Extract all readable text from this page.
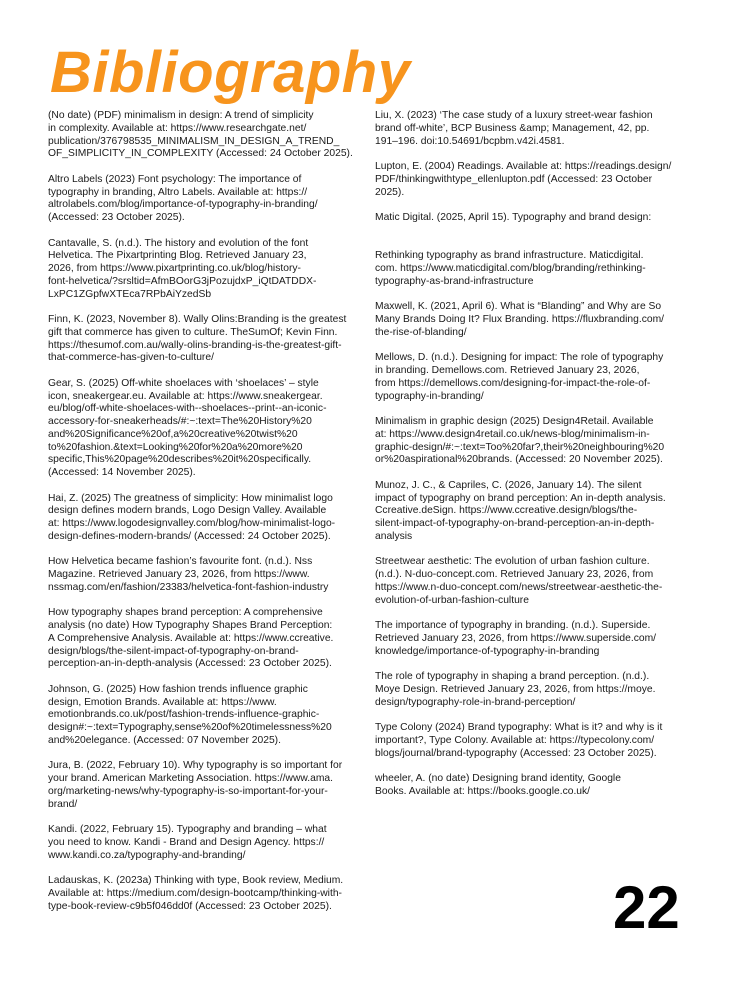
Bibliography

(No date) (PDF) minimalism in design: A trend of simplicity
in complexity. Available at: https://www.researchgate.net/
publication/376798535_MINIMALISM_IN_DESIGN_A_TREND_
OF_SIMPLICITY_IN_COMPLEXITY (Accessed: 24 October 2025).

Altro Labels (2023) Font psychology: The importance of
typography in branding, Altro Labels. Available at: https://
altrolabels.com/blog/importance-of-typography-in-branding/
(Accessed: 23 October 2025).

Cantavalle, S. (n.d.). The history and evolution of the font
Helvetica. The Pixartprinting Blog. Retrieved January 23,
2026, from https://www.pixartprinting.co.uk/blog/history-
font-helvetica/?srsltid=AfmBOorG3jPozujdxP_iQtDATDDX-
LxPC1ZGpfwXTEca7RPbAiYzedSb

Finn, K. (2023, November 8). Wally Olins:Branding is the greatest
gift that commerce has given to culture. TheSumOf; Kevin Finn.
https://thesumof.com.au/wally-olins-branding-is-the-greatest-gift-
that-commerce-has-given-to-culture/

Gear, S. (2025) Off-white shoelaces with ‘shoelaces’ – style
icon, sneakergear.eu. Available at: https://www.sneakergear.
eu/blog/off-white-shoelaces-with--shoelaces--print--an-iconic-
accessory-for-sneakerheads/#:~:text=The%20History%20
and%20Significance%20of,a%20creative%20twist%20
to%20fashion.&text=Looking%20for%20a%20more%20
specific,This%20page%20describes%20it%20specifically.
(Accessed: 14 November 2025).

Hai, Z. (2025) The greatness of simplicity: How minimalist logo
design defines modern brands, Logo Design Valley. Available
at: https://www.logodesignvalley.com/blog/how-minimalist-logo-
design-defines-modern-brands/ (Accessed: 24 October 2025).

How Helvetica became fashion’s favourite font. (n.d.). Nss
Magazine. Retrieved January 23, 2026, from https://www.
nssmag.com/en/fashion/23383/helvetica-font-fashion-industry

How typography shapes brand perception: A comprehensive
analysis (no date) How Typography Shapes Brand Perception:
A Comprehensive Analysis. Available at: https://www.ccreative.
design/blogs/the-silent-impact-of-typography-on-brand-
perception-an-in-depth-analysis (Accessed: 23 October 2025).

Johnson, G. (2025) How fashion trends influence graphic
design, Emotion Brands. Available at: https://www.
emotionbrands.co.uk/post/fashion-trends-influence-graphic-
design#:~:text=Typography,sense%20of%20timelessness%20
and%20elegance. (Accessed: 07 November 2025).

Jura, B. (2022, February 10). Why typography is so important for
your brand. American Marketing Association. https://www.ama.
org/marketing-news/why-typography-is-so-important-for-your-
brand/

Kandi. (2022, February 15). Typography and branding – what
you need to know. Kandi - Brand and Design Agency. https://
www.kandi.co.za/typography-and-branding/

Ladauskas, K. (2023a) Thinking with type, Book review, Medium.
Available at: https://medium.com/design-bootcamp/thinking-with-
type-book-review-c9b5f046dd0f (Accessed: 23 October 2025).

Liu, X. (2023) ‘The case study of a luxury street-wear fashion
brand off-white’, BCP Business &amp; Management, 42, pp.
191–196. doi:10.54691/bcpbm.v42i.4581.

Lupton, E. (2004) Readings. Available at: https://readings.design/
PDF/thinkingwithtype_ellenlupton.pdf (Accessed: 23 October
2025).

Matic Digital. (2025, April 15). Typography and brand design:

Rethinking typography as brand infrastructure. Maticdigital.
com. https://www.maticdigital.com/blog/branding/rethinking-
typography-as-brand-infrastructure

Maxwell, K. (2021, April 6). What is “Blanding” and Why are So
Many Brands Doing It? Flux Branding. https://fluxbranding.com/
the-rise-of-blanding/

Mellows, D. (n.d.). Designing for impact: The role of typography
in branding. Demellows.com. Retrieved January 23, 2026,
from https://demellows.com/designing-for-impact-the-role-of-
typography-in-branding/

Minimalism in graphic design (2025) Design4Retail. Available
at: https://www.design4retail.co.uk/news-blog/minimalism-in-
graphic-design/#:~:text=Too%20far?,their%20neighbouring%20
or%20aspirational%20brands. (Accessed: 20 November 2025).

Munoz, J. C., & Capriles, C. (2026, January 14). The silent
impact of typography on brand perception: An in-depth analysis.
Ccreative.deSign. https://www.ccreative.design/blogs/the-
silent-impact-of-typography-on-brand-perception-an-in-depth-
analysis

Streetwear aesthetic: The evolution of urban fashion culture.
(n.d.). N-duo-concept.com. Retrieved January 23, 2026, from
https://www.n-duo-concept.com/news/streetwear-aesthetic-the-
evolution-of-urban-fashion-culture

The importance of typography in branding. (n.d.). Superside.
Retrieved January 23, 2026, from https://www.superside.com/
knowledge/importance-of-typography-in-branding

The role of typography in shaping a brand perception. (n.d.).
Moye Design. Retrieved January 23, 2026, from https://moye.
design/typography-role-in-brand-perception/

Type Colony (2024) Brand typography: What is it? and why is it
important?, Type Colony. Available at: https://typecolony.com/
blogs/journal/brand-typography (Accessed: 23 October 2025).

wheeler, A. (no date) Designing brand identity, Google
Books. Available at: https://books.google.co.uk/

22
